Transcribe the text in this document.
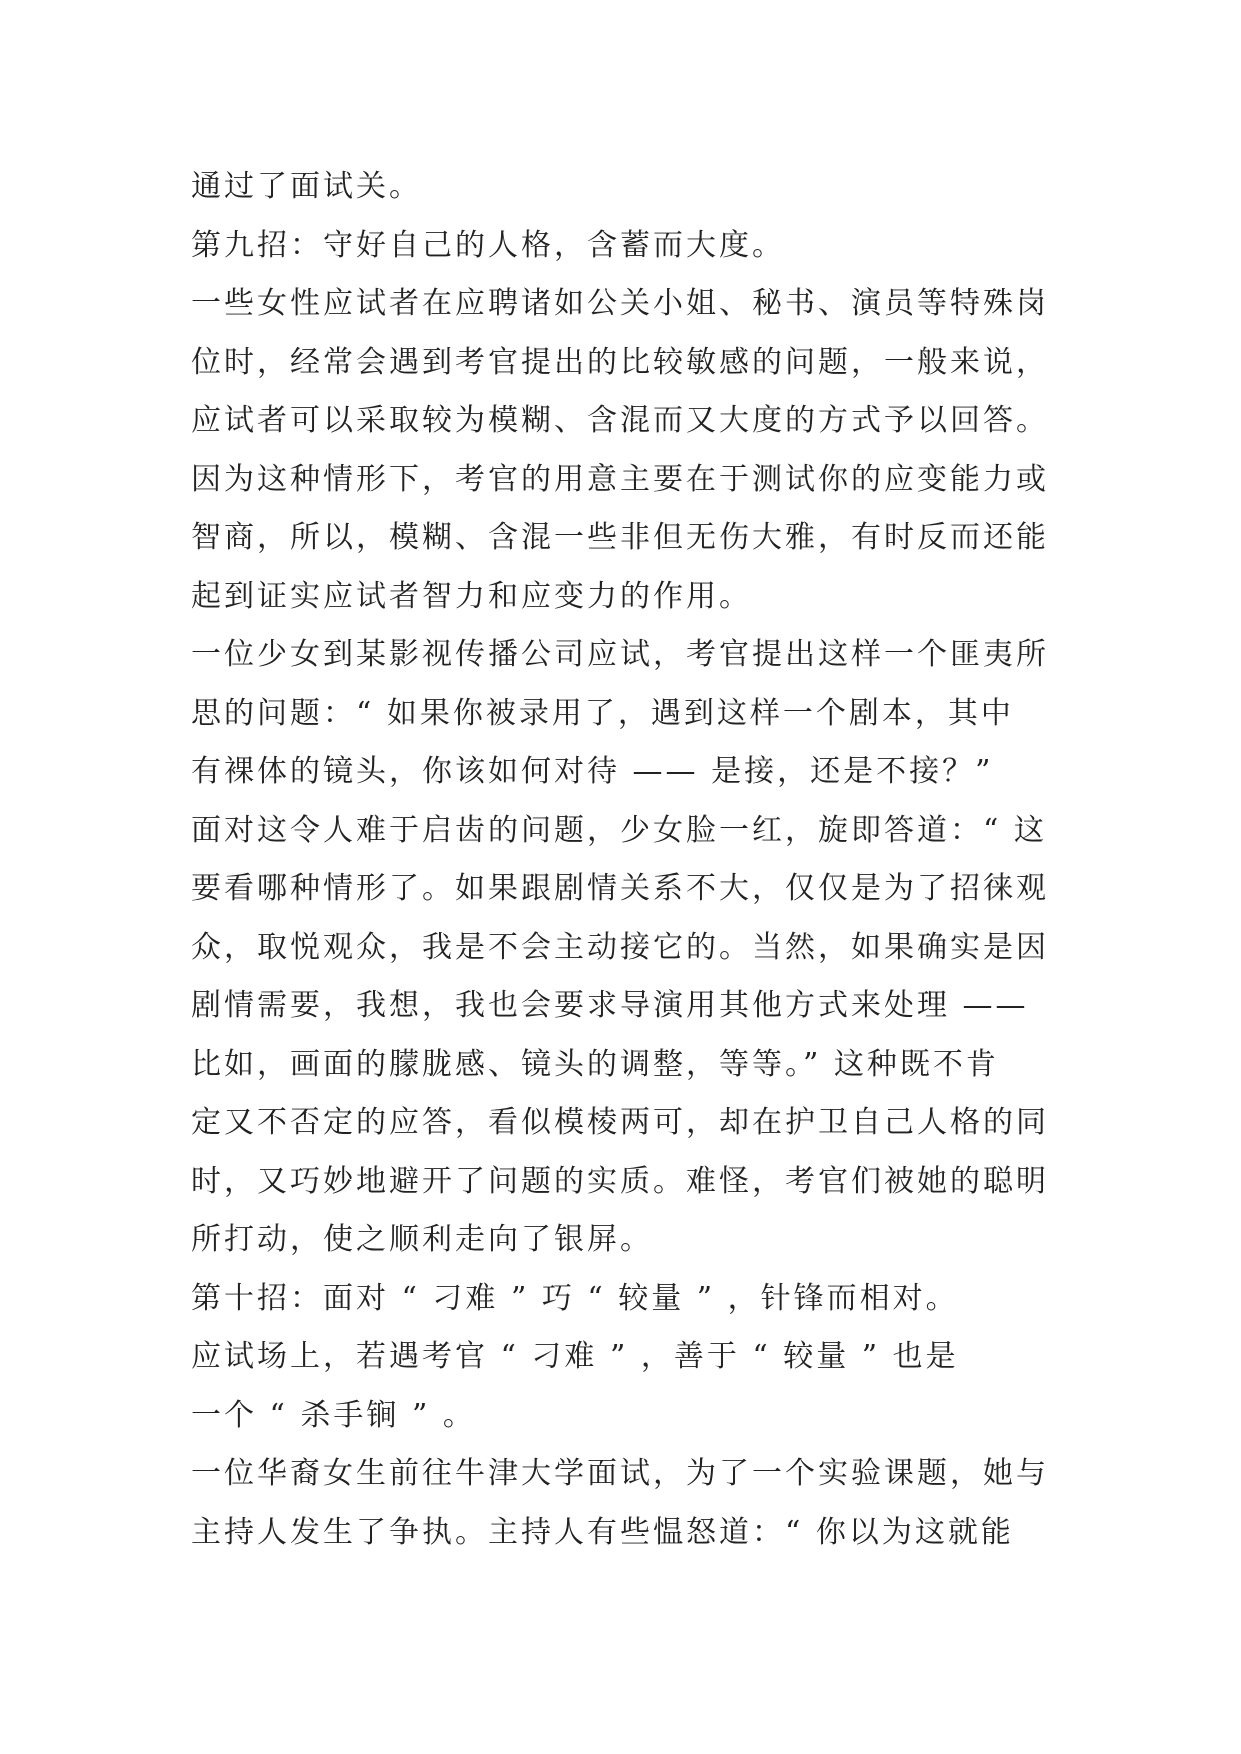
通过了面试关。
第九招：守好自己的人格，含蓄而大度。
一些女性应试者在应聘诸如公关小姐、秘书、演员等特殊岗
位时，经常会遇到考官提出的比较敏感的问题，一般来说，
应试者可以采取较为模糊、含混而又大度的方式予以回答。
因为这种情形下，考官的用意主要在于测试你的应变能力或
智商，所以，模糊、含混一些非但无伤大雅，有时反而还能
起到证实应试者智力和应变力的作用。
一位少女到某影视传播公司应试，考官提出这样一个匪夷所
思的问题：“ 如果你被录用了，遇到这样一个剧本，其中
有裸体的镜头，你该如何对待 —— 是接，还是不接？”
面对这令人难于启齿的问题，少女脸一红，旋即答道：“ 这
要看哪种情形了。如果跟剧情关系不大，仅仅是为了招徕观
众，取悦观众，我是不会主动接它的。当然，如果确实是因
剧情需要，我想，我也会要求导演用其他方式来处理 ——
比如，画面的朦胧感、镜头的调整，等等。” 这种既不肯
定又不否定的应答，看似模棱两可，却在护卫自己人格的同
时，又巧妙地避开了问题的实质。难怪，考官们被她的聪明
所打动，使之顺利走向了银屏。
第十招：面对 “ 刁难 ” 巧 “ 较量 ” ，针锋而相对。
应试场上，若遇考官 “ 刁难 ” ，善于 “ 较量 ” 也是
一个 “ 杀手锏 ” 。
一位华裔女生前往牛津大学面试，为了一个实验课题，她与
主持人发生了争执。主持人有些愠怒道：“ 你以为这就能
